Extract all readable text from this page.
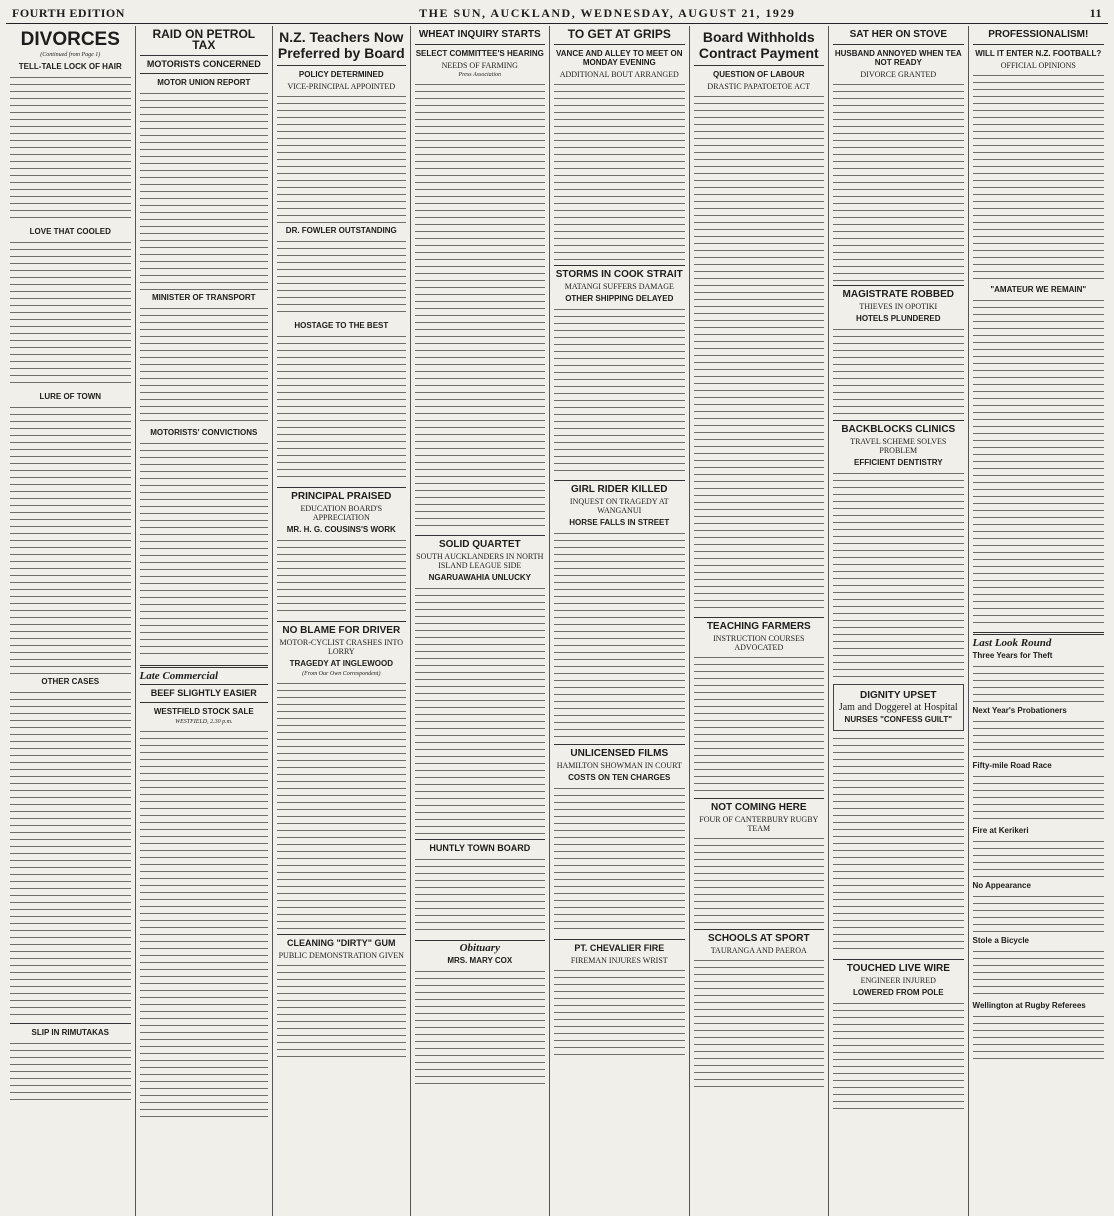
FOURTH EDITION	THE SUN, AUCKLAND, WEDNESDAY, AUGUST 21, 1929	11
DIVORCES
(Continued from Page 1)
TELL-TALE LOCK OF HAIR
LOVE THAT COOLED
LURE OF TOWN
OTHER CASES
SLIP IN RIMUTAKAS
RAID ON PETROL TAX
MOTORISTS CONCERNED
MOTOR UNION REPORT
MINISTER OF TRANSPORT
MOTORISTS' CONVICTIONS
Late Commercial
BEEF SLIGHTLY EASIER
WESTFIELD STOCK SALE
WESTFIELD, 2.30 p.m.
N.Z. Teachers Now Preferred by Board
POLICY DETERMINED
VICE-PRINCIPAL APPOINTED
DR. FOWLER OUTSTANDING
HOSTAGE TO THE BEST
PRINCIPAL PRAISED
EDUCATION BOARD'S APPRECIATION
MR. H. G. COUSINS'S WORK
NO BLAME FOR DRIVER
MOTOR-CYCLIST CRASHES INTO LORRY
TRAGEDY AT INGLEWOOD
(From Our Own Correspondent)
CLEANING "DIRTY" GUM
PUBLIC DEMONSTRATION GIVEN
WHEAT INQUIRY STARTS
SELECT COMMITTEE'S HEARING
NEEDS OF FARMING
Press Association
SOLID QUARTET
SOUTH AUCKLANDERS IN NORTH ISLAND LEAGUE SIDE
NGARUAWAHIA UNLUCKY
HUNTLY TOWN BOARD
Obituary
MRS. MARY COX
TO GET AT GRIPS
VANCE AND ALLEY TO MEET ON MONDAY EVENING
ADDITIONAL BOUT ARRANGED
STORMS IN COOK STRAIT
MATANGI SUFFERS DAMAGE
OTHER SHIPPING DELAYED
GIRL RIDER KILLED
INQUEST ON TRAGEDY AT WANGANUI
HORSE FALLS IN STREET
UNLICENSED FILMS
HAMILTON SHOWMAN IN COURT
COSTS ON TEN CHARGES
PT. CHEVALIER FIRE
FIREMAN INJURES WRIST
Board Withholds Contract Payment
QUESTION OF LABOUR
DRASTIC PAPATOETOE ACT
TEACHING FARMERS
INSTRUCTION COURSES ADVOCATED
NOT COMING HERE
FOUR OF CANTERBURY RUGBY TEAM
SCHOOLS AT SPORT
TAURANGA AND PAEROA
SAT HER ON STOVE
HUSBAND ANNOYED WHEN TEA NOT READY
DIVORCE GRANTED
MAGISTRATE ROBBED
THIEVES IN OPOTIKI
HOTELS PLUNDERED
BACKBLOCKS CLINICS
TRAVEL SCHEME SOLVES PROBLEM
EFFICIENT DENTISTRY
DIGNITY UPSET
Jam and Doggerel at Hospital
NURSES "CONFESS GUILT"
TOUCHED LIVE WIRE
ENGINEER INJURED
LOWERED FROM POLE
PROFESSIONALISM!
WILL IT ENTER N.Z. FOOTBALL?
OFFICIAL OPINIONS
"AMATEUR WE REMAIN"
Last Look Round
Three Years for Theft
Next Year's Probationers
Fifty-mile Road Race
Fire at Kerikeri
No Appearance
Stole a Bicycle
Wellington at Rugby Referees
